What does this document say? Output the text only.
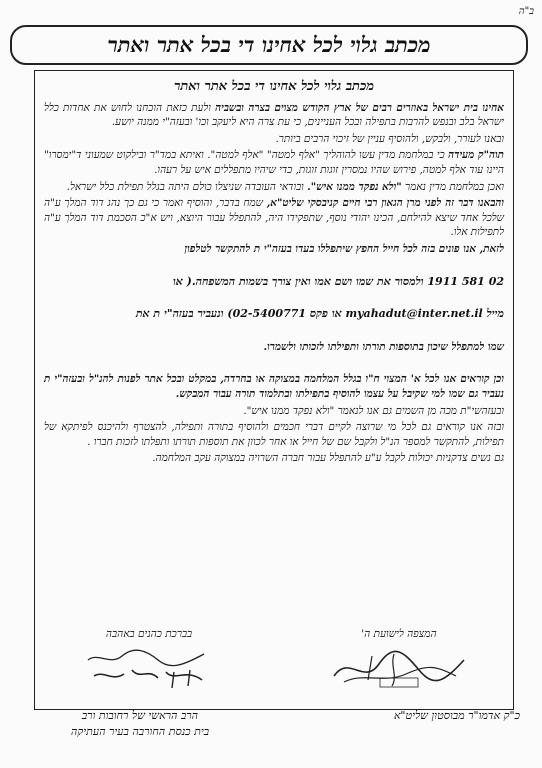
ב"ה
מכתב גלוי לכל אחינו די בכל אתר ואתר

מכתב גלוי לכל אחינו די בכל אתר ואתר

אחינו בית ישראל באוזרים רבים של ארץ הקודש מצוים בצרה ובשביה ולעת כזאת הוכחנו לחוש את אחדות כלל ישראל בלב ובנפש להרבות בתפילה ובכל העניינים, כי עת צרה היא ליעקב וכו' ובעזה"י ממנה יושע.

ובאנו לעורר, ולבקש, ולהוסיף עניין של זיכוי הרבים ביותר.

תוה"ק מעידה כי במלחמת מדין עשו להוהליך "אלף למטה" "אלף למטה". ואיתא במד"ר ובילקוט שמעוני ד"ימסרו" היינו עוד אלף למטה, פירוש שהיו נמסרין זוגות זוגות, כדי שיהיו מתפללים איש על רעהו.

ואכן במלחמת מדין נאמר "ולא נפקד ממנו איש". ובודאי העובדה שניצלו כולם היתה בגלל תפילת כלל ישראל.

והבאנו דבר זה לפני מרן הגאון רבי חיים קניבסקי שליט"א, שמח בדבר, והוסיף ואמר כי גם כך נהג דוד המלך ע"ה שלכל אחד שיצא להילחם, הכינו יהודי נוסף, שתפקידו היה, להתפלל עבור היוצא, ויש א"כ הסכמת דוד המלך ע"ה לתפילות אלו.

לזאת, אנו פונים בזה לכל חייל החפץ שיתפללו בעדו בעזה"י ת להתקשר לטלפון

02 581 1911 ולמסור את שמו ושם אמו ואין צורך בשמות המשפחה.( או

מייל myahadut@inter.net.il או פקס 02-5400771) ונעביר בעזה"י ת את

שמו למתפלל שיכון בתוספות תורתו ותפילתו לזכותו ולשמרו.

וכן קוראים אנו לכל א' המצוי ח"ו בגלל המלחמה במצוקה או בחרדה, במקלט ובכל אתר לפנות להנ"ל ובעזה"י ת נעביר גם שמו למי שקיבל על עצמו להוסיף בתפילתו ובתלמוד תורה עבור המבקש.

ובעזהשי"ת מכה מן השמים גם אנו לנאמר "ולא נפקד ממנו איש".

ובזה אנו קוראים גם לכל מי שרוצה לקיים דברי חכמים ולהוסיף בתורה ותפילה, להצטרף ולהיכנס לפיתקא של תפילות, להתקשר למספר הנ"ל ולקבל שם של חייל או אחר לכוון את תוספות תורתו ותפלתו לזכות חברו .

גם נשים צדקניות יכולות לקבל ע"ע להתפלל עבור חברה השרויה במצוקה עקב המלחמה.

המצפה לישועת ה'
בברכת כהנים באהבה
כ"ק אדמו"ר מבוסטון שליט"א
הרב הראשי של רחובות ורב
בית כנסת החורבה בעיר העתיקה
